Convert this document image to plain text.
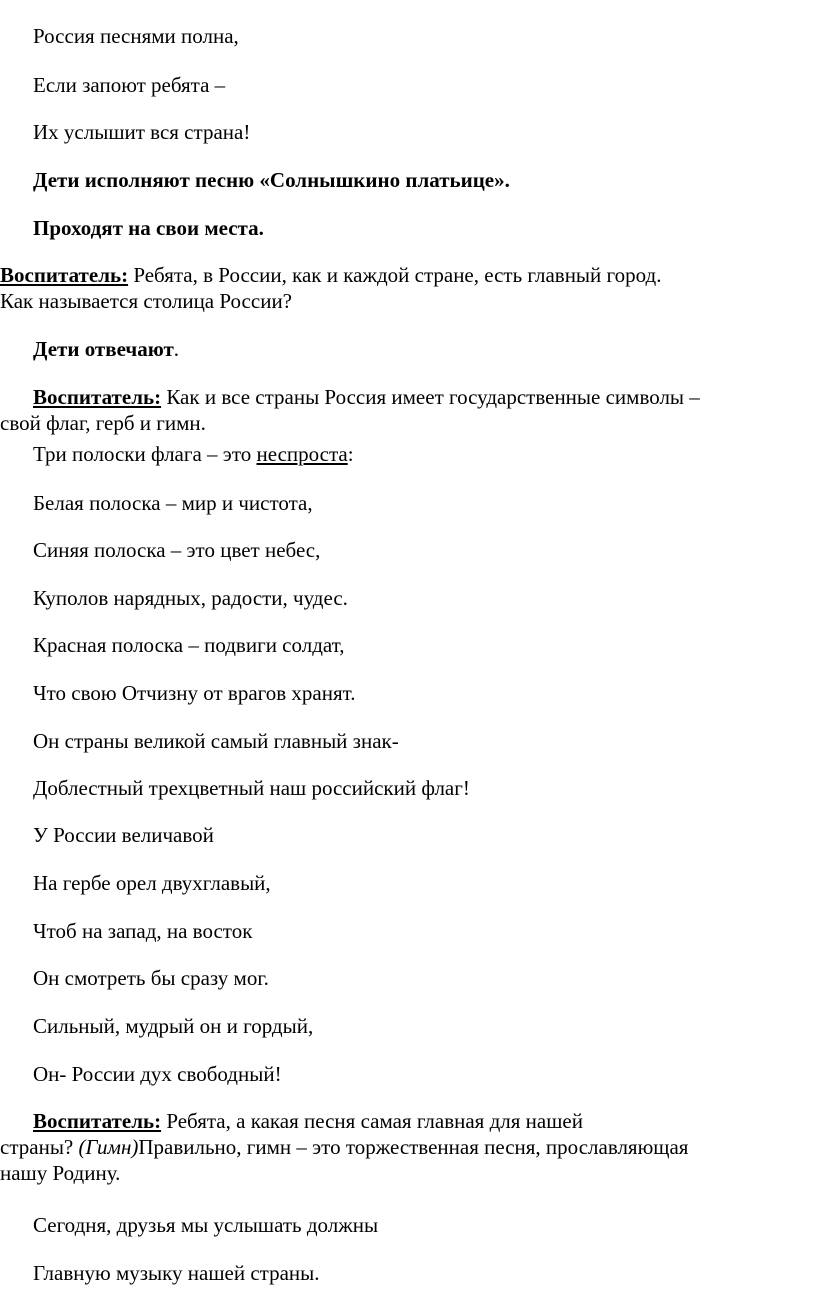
Россия песнями полна,
Если запоют ребята –
Их услышит вся страна!
Дети исполняют песню «Солнышкино платьице».
Проходят на свои места.
Воспитатель: Ребята, в России, как и каждой стране, есть главный город.
Как называется столица России?
Дети отвечают.
Воспитатель: Как и все страны Россия имеет государственные символы –
свой флаг, герб и гимн.
Три полоски флага – это неспроста:
Белая полоска – мир и чистота,
Синяя полоска – это цвет небес,
Куполов нарядных, радости, чудес.
Красная полоска – подвиги солдат,
Что свою Отчизну от врагов хранят.
Он страны великой самый главный знак-
Доблестный трехцветный наш российский флаг!
У России величавой
На гербе орел двухглавый,
Чтоб на запад, на восток
Он смотреть бы сразу мог.
Сильный, мудрый он и гордый,
Он- России дух свободный!
Воспитатель: Ребята, а какая песня самая главная для нашей
страны? (Гимн)Правильно, гимн – это торжественная песня, прославляющая
нашу Родину.
Сегодня, друзья мы услышать должны
Главную музыку нашей страны.
